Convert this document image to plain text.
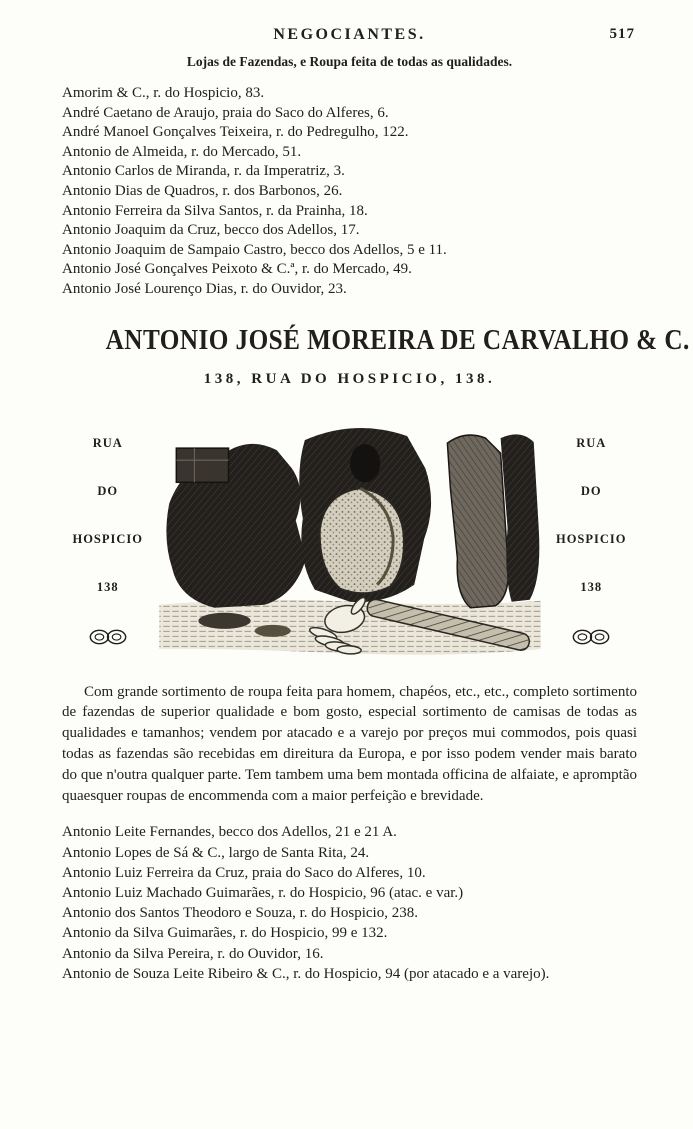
NEGOCIANTES.	517
Lojas de Fazendas, e Roupa feita de todas as qualidades.

Amorim & C., r. do Hospicio, 83.

André Caetano de Araujo, praia do Saco do Alferes, 6.

André Manoel Gonçalves Teixeira, r. do Pedregulho, 122.

Antonio de Almeida, r. do Mercado, 51.

Antonio Carlos de Miranda, r. da Imperatriz, 3.

Antonio Dias de Quadros, r. dos Barbonos, 26.

Antonio Ferreira da Silva Santos, r. da Prainha, 18.

Antonio Joaquim da Cruz, becco dos Adellos, 17.

Antonio Joaquim de Sampaio Castro, becco dos Adellos, 5 e 11.

Antonio José Gonçalves Peixoto & C.ª, r. do Mercado, 49.

Antonio José Lourenço Dias, r. do Ouvidor, 23.

ANTONIO JOSÉ MOREIRA DE CARVALHO & C.
138, RUA DO HOSPICIO, 138.
RUA
DO
HOSPICIO
138
RUA
DO
HOSPICIO
138

Com grande sortimento de roupa feita para homem, chapéos, etc., etc., completo sortimento de fazendas de superior qualidade e bom gosto, especial sortimento de camisas de todas as qualidades e tamanhos; vendem por atacado e a varejo por preços mui commodos, pois quasi todas as fazendas são recebidas em direitura da Europa, e por isso podem vender mais barato do que n'outra qualquer parte. Tem tambem uma bem montada officina de alfaiate, e apromptão quaesquer roupas de encommenda com a maior perfeição e brevidade.

Antonio Leite Fernandes, becco dos Adellos, 21 e 21 A.

Antonio Lopes de Sá & C., largo de Santa Rita, 24.

Antonio Luiz Ferreira da Cruz, praia do Saco do Alferes, 10.

Antonio Luiz Machado Guimarães, r. do Hospicio, 96 (atac. e var.)

Antonio dos Santos Theodoro e Souza, r. do Hospicio, 238.

Antonio da Silva Guimarães, r. do Hospicio, 99 e 132.

Antonio da Silva Pereira, r. do Ouvidor, 16.

Antonio de Souza Leite Ribeiro & C., r. do Hospicio, 94 (por atacado e a varejo).
